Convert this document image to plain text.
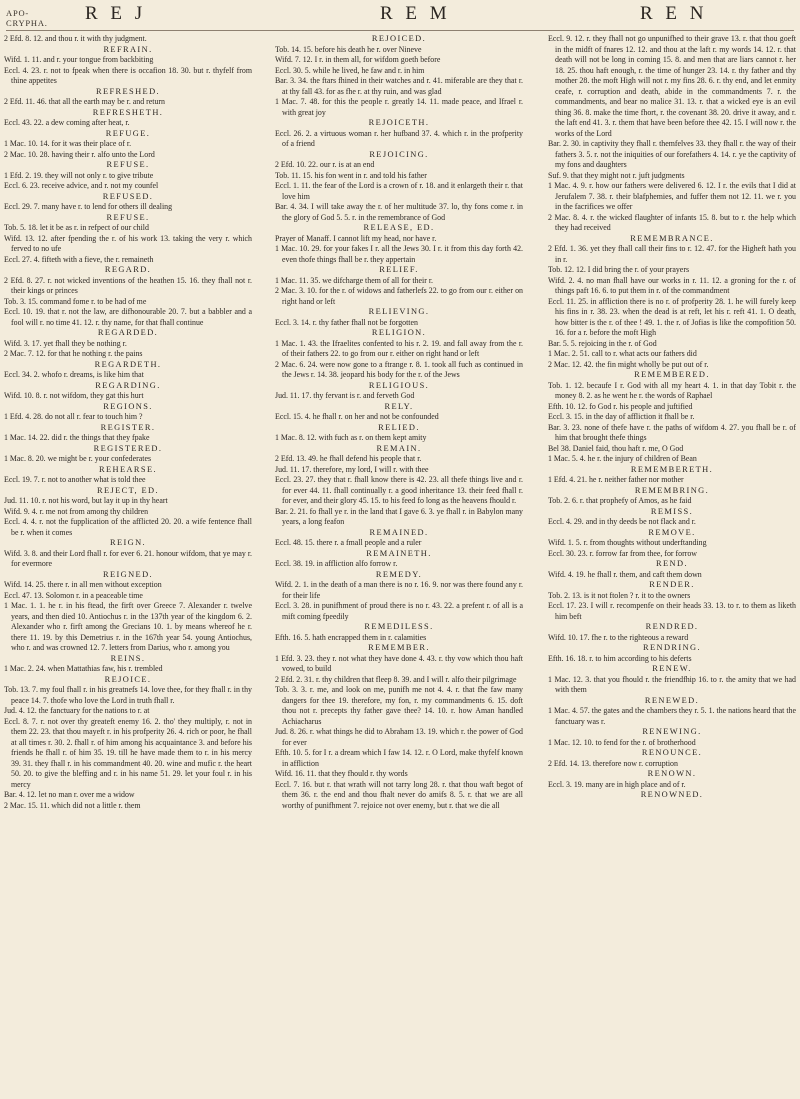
APO-
CRYPHA. R E J	R E M	R E N

2 Efd. 8. 12. and thou r. it with thy judgment.

REFRAIN.

Wifd. 1. 11. and r. your tongue from backbiting

Eccl. 4. 23. r. not to fpeak when there is occafion 18. 30. but r. thyfelf from thine appetites

REFRESHED.

2 Efd. 11. 46. that all the earth may be r. and return

REFRESHETH.

Eccl. 43. 22. a dew coming after heat, r.

REFUGE.

1 Mac. 10. 14. for it was their place of r.

2 Mac. 10. 28. having their r. alfo unto the Lord

REFUSE.

1 Efd. 2. 19. they will not only r. to give tribute

Eccl. 6. 23. receive advice, and r. not my counfel

REFUSED.

Eccl. 29. 7. many have r. to lend for others ill dealing

REFUSE.

Tob. 5. 18. let it be as r. in refpect of our child

Wifd. 13. 12. after fpending the r. of his work 13. taking the very r. which ferved to no ufe

Eccl. 27. 4. fifteth with a fieve, the r. remaineth

REGARD.

2 Efd. 8. 27. r. not wicked inventions of the heathen 15. 16. they fhall not r. their kings or princes

Tob. 3. 15. command fome r. to be had of me

Eccl. 10. 19. that r. not the law, are difhonourable 20. 7. but a babbler and a fool will r. no time 41. 12. r. thy name, for that fhall continue

REGARDED.

Wifd. 3. 17. yet fhall they be nothing r.

2 Mac. 7. 12. for that he nothing r. the pains

REGARDETH.

Eccl. 34. 2. whofo r. dreams, is like him that

REGARDING.

Wifd. 10. 8. r. not wifdom, they gat this hurt

REGIONS.

1 Efd. 4. 28. do not all r. fear to touch him ?

REGISTER.

1 Mac. 14. 22. did r. the things that they fpake

REGISTERED.

1 Mac. 8. 20. we might be r. your confederates

REHEARSE.

Eccl. 19. 7. r. not to another what is told thee

REJECT, ED.

Jud. 11. 10. r. not his word, but lay it up in thy heart

Wifd. 9. 4. r. me not from among thy children

Eccl. 4. 4. r. not the fupplication of the afflicted 20. 20. a wife fentence fhall be r. when it comes

REIGN.

Wifd. 3. 8. and their Lord fhall r. for ever 6. 21. honour wifdom, that ye may r. for evermore

REIGNED.

Wifd. 14. 25. there r. in all men without exception

Eccl. 47. 13. Solomon r. in a peaceable time

1 Mac. 1. 1. he r. in his ftead, the firft over Greece 7. Alexander r. twelve years, and then died 10. Antiochus r. in the 137th year of the kingdom 6. 2. Alexander who r. firft among the Grecians 10. 1. by means whereof he r. there 11. 19. by this Demetrius r. in the 167th year 54. young Antiochus, who r. and was crowned 12. 7. letters from Darius, who r. among you

REINS.

1 Mac. 2. 24. when Mattathias faw, his r. trembled

REJOICE.

Tob. 13. 7. my foul fhall r. in his greatnefs 14. love thee, for they fhall r. in thy peace 14. 7. thofe who love the Lord in truth fhall r.

Jud. 4. 12. the fanctuary for the nations to r. at

Eccl. 8. 7. r. not over thy greateft enemy 16. 2. tho' they multiply, r. not in them 22. 23. that thou mayeft r. in his profperity 26. 4. rich or poor, he fhall at all times r. 30. 2. fhall r. of him among his acquaintance 3. and before his friends he fhall r. of him 35. 19. till he have made them to r. in his mercy 39. 31. they fhall r. in his commandment 40. 20. wine and mufic r. the heart 50. 20. to give the bleffing and r. in his name 51. 29. let your foul r. in his mercy

Bar. 4. 12. let no man r. over me a widow

2 Mac. 15. 11. which did not a little r. them

REJOICED.

Tob. 14. 15. before his death he r. over Nineve

Wifd. 7. 12. I r. in them all, for wifdom goeth before

Eccl. 30. 5. while he lived, he faw and r. in him

Bar. 3. 34. the ftars fhined in their watches and r. 41. miferable are they that r. at thy fall 43. for as fhe r. at thy ruin, and was glad

1 Mac. 7. 48. for this the people r. greatly 14. 11. made peace, and Ifrael r. with great joy

REJOICETH.

Eccl. 26. 2. a virtuous woman r. her hufband 37. 4. which r. in the profperity of a friend

REJOICING.

2 Efd. 10. 22. our r. is at an end

Tob. 11. 15. his fon went in r. and told his father

Eccl. 1. 11. the fear of the Lord is a crown of r. 18. and it enlargeth their r. that love him

Bar. 4. 34. I will take away the r. of her multitude 37. lo, thy fons come r. in the glory of God 5. 5. r. in the remembrance of God

RELEASE, ED.

Prayer of Manaff. I cannot lift my head, nor have r.

1 Mac. 10. 29. for your fakes I r. all the Jews 30. I r. it from this day forth 42. even thofe things fhall be r. they appertain

RELIEF.

1 Mac. 11. 35. we difcharge them of all for their r.

2 Mac. 3. 10. for the r. of widows and fatherlefs 22. to go from our r. either on right hand or left

RELIEVING.

Eccl. 3. 14. r. thy father fhall not be forgotten

RELIGION.

1 Mac. 1. 43. the Ifraelites confented to his r. 2. 19. and fall away from the r. of their fathers 22. to go from our r. either on right hand or left

2 Mac. 6. 24. were now gone to a ftrange r. 8. 1. took all fuch as continued in the Jews r. 14. 38. jeopard his body for the r. of the Jews

RELIGIOUS.

Jud. 11. 17. thy fervant is r. and ferveth God

RELY.

Eccl. 15. 4. he fhall r. on her and not be confounded

RELIED.

1 Mac. 8. 12. with fuch as r. on them kept amity

REMAIN.

2 Efd. 13. 49. he fhall defend his people that r.

Jud. 11. 17. therefore, my lord, I will r. with thee

Eccl. 23. 27. they that r. fhall know there is 42. 23. all thefe things live and r. for ever 44. 11. fhall continually r. a good inheritance 13. their feed fhall r. for ever, and their glory 45. 15. to his feed fo long as the heavens fhould r.

Bar. 2. 21. fo fhall ye r. in the land that I gave 6. 3. ye fhall r. in Babylon many years, a long feafon

REMAINED.

Eccl. 48. 15. there r. a fmall people and a ruler

REMAINETH.

Eccl. 38. 19. in affliction alfo forrow r.

REMEDY.

Wifd. 2. 1. in the death of a man there is no r. 16. 9. nor was there found any r. for their life

Eccl. 3. 28. in punifhment of proud there is no r. 43. 22. a prefent r. of all is a mift coming fpeedily

REMEDILESS.

Efth. 16. 5. hath encrapped them in r. calamities

REMEMBER.

1 Efd. 3. 23. they r. not what they have done 4. 43. r. thy vow which thou haft vowed, to build

2 Efd. 2. 31. r. thy children that fleep 8. 39. and I will r. alfo their pilgrimage

Tob. 3. 3. r. me, and look on me, punifh me not 4. 4. r. that fhe faw many dangers for thee 19. therefore, my fon, r. my commandments 6. 15. doft thou not r. precepts thy father gave thee? 14. 10. r. how Aman handled Achiacharus

Jud. 8. 26. r. what things he did to Abraham 13. 19. which r. the power of God for ever

Efth. 10. 5. for I r. a dream which I faw 14. 12. r. O Lord, make thyfelf known in affliction

Wifd. 16. 11. that they fhould r. thy words

Eccl. 7. 16. but r. that wrath will not tarry long 28. r. that thou waft begot of them 36. r. the end and thou fhalt never do amifs 8. 5. r. that we are all worthy of punifhment 7. rejoice not over enemy, but r. that we die all

Eccl. 9. 12. r. they fhall not go unpunifhed to their grave 13. r. that thou goeft in the midft of fnares 12. 12. and thou at the laft r. my words 14. 12. r. that death will not be long in coming 15. 8. and men that are liars cannot r. her 18. 25. thou haft enough, r. the time of hunger 23. 14. r. thy father and thy mother 28. the moft High will not r. my fins 28. 6. r. thy end, and let enmity ceafe, r. corruption and death, abide in the commandments 7. r. the commandments, and bear no malice 31. 13. r. that a wicked eye is an evil thing 36. 8. make the time fhort, r. the covenant 38. 20. drive it away, and r. the laft end 41. 3. r. them that have been before thee 42. 15. I will now r. the works of the Lord

Bar. 2. 30. in captivity they fhall r. themfelves 33. they fhall r. the way of their fathers 3. 5. r. not the iniquities of our forefathers 4. 14. r. ye the captivity of my fons and daughters

Suf. 9. that they might not r. juft judgments

1 Mac. 4. 9. r. how our fathers were delivered 6. 12. I r. the evils that I did at Jerufalem 7. 38. r. their blafphemies, and fuffer them not 12. 11. we r. you in the facrifices we offer

2 Mac. 8. 4. r. the wicked flaughter of infants 15. 8. but to r. the help which they had received

REMEMBRANCE.

2 Efd. 1. 36. yet they fhall call their fins to r. 12. 47. for the Higheft hath you in r.

Tob. 12. 12. I did bring the r. of your prayers

Wifd. 2. 4. no man fhall have our works in r. 11. 12. a groning for the r. of things paft 16. 6. to put them in r. of the commandment

Eccl. 11. 25. in affliction there is no r. of profperity 28. 1. he will furely keep his fins in r. 38. 23. when the dead is at reft, let his r. reft 41. 1. O death, how bitter is the r. of thee ! 49. 1. the r. of Jofias is like the compofition 50. 16. for a r. before the moft High

Bar. 5. 5. rejoicing in the r. of God

1 Mac. 2. 51. call to r. what acts our fathers did

2 Mac. 12. 42. the fin might wholly be put out of r.

REMEMBERED.

Tob. 1. 12. becaufe I r. God with all my heart 4. 1. in that day Tobit r. the money 8. 2. as he went he r. the words of Raphael

Efth. 10. 12. fo God r. his people and juftified

Eccl. 3. 15. in the day of affliction it fhall be r.

Bar. 3. 23. none of thefe have r. the paths of wifdom 4. 27. you fhall be r. of him that brought thefe things

Bel 38. Daniel faid, thou haft r. me, O God

1 Mac. 5. 4. he r. the injury of children of Bean

REMEMBERETH.

1 Efd. 4. 21. he r. neither father nor mother

REMEMBRING.

Tob. 2. 6. r. that prophefy of Amos, as he faid

REMISS.

Eccl. 4. 29. and in thy deeds be not flack and r.

REMOVE.

Wifd. 1. 5. r. from thoughts without underftanding

Eccl. 30. 23. r. forrow far from thee, for forrow

REND.

Wifd. 4. 19. he fhall r. them, and caft them down

RENDER.

Tob. 2. 13. is it not ftolen ? r. it to the owners

Eccl. 17. 23. I will r. recompenfe on their heads 33. 13. to r. to them as liketh him beft

RENDRED.

Wifd. 10. 17. fhe r. to the righteous a reward

RENDRING.

Efth. 16. 18. r. to him according to his deferts

RENEW.

1 Mac. 12. 3. that you fhould r. the friendfhip 16. to r. the amity that we had with them

RENEWED.

1 Mac. 4. 57. the gates and the chambers they r. 5. 1. the nations heard that the fanctuary was r.

RENEWING.

1 Mac. 12. 10. to fend for the r. of brotherhood

RENOUNCE.

2 Efd. 14. 13. therefore now r. corruption

RENOWN.

Eccl. 3. 19. many are in high place and of r.

RENOWNED.
